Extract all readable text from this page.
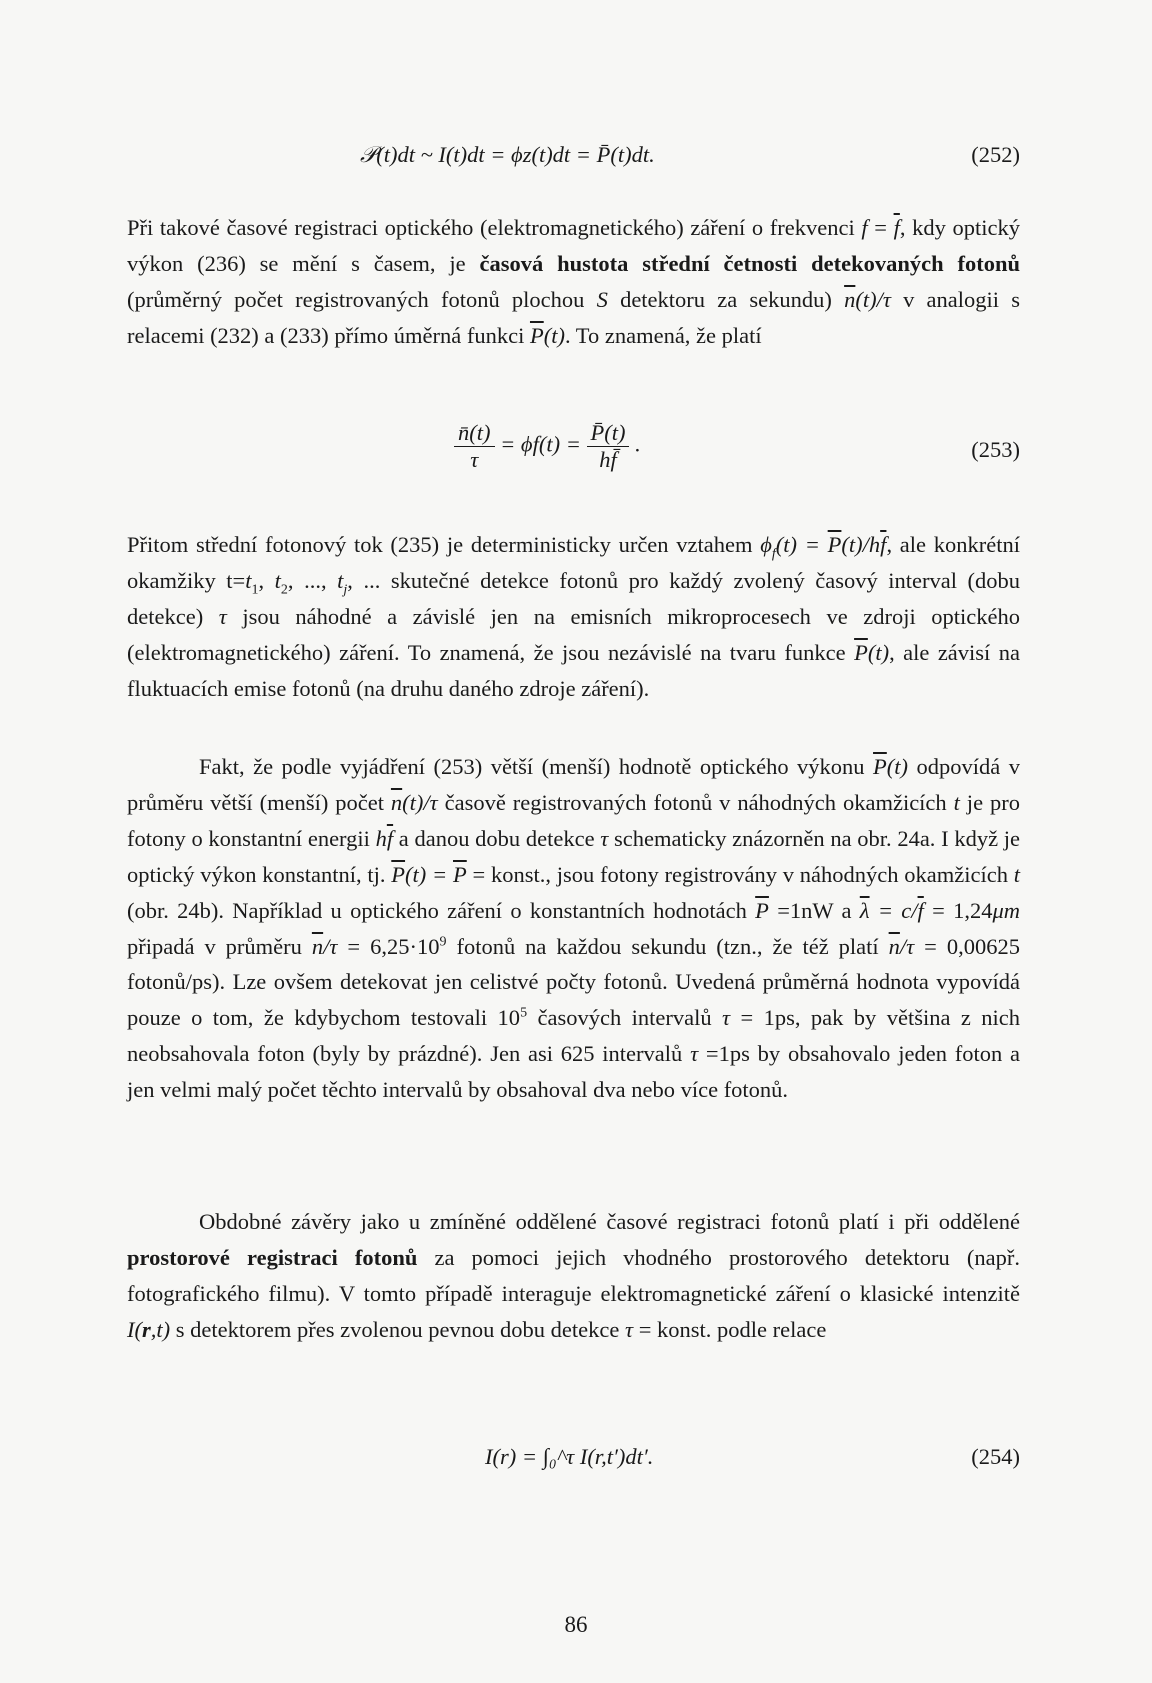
𝒫(t)dt ~ I(t)dt = ϕz(t)dt = P̄(t)dt.	(252)

Při takové časové registraci optického (elektromagnetického) záření o frekvenci $f = \overline{f}$, kdy optický výkon (236) se mění s časem, je časová hustota střední četnosti detekovaných fotonů (průměrný počet registrovaných fotonů plochou S detektoru za sekundu) $\overline{n}(t)/\tau$ v analogii s relacemi (232) a (233) přímo úměrná funkci $\overline{P}(t)$. To znamená, že platí

$\frac{n̄(t)}{\tau} = \phi f(t) = \frac{P̄(t)}{hf̄}$ .	(253)

Přitom střední fotonový tok (235) je deterministicky určen vztahem $\phi_f(t) = \overline{P}(t)/h\overline{f}$, ale konkrétní okamžiky $t=t_1$, $t_2$, ..., $t_j$, ... skutečné detekce fotonů pro každý zvolený časový interval (dobu detekce) τ jsou náhodné a závislé jen na emisních mikroprocesech ve zdroji optického (elektromagnetického) záření. To znamená, že jsou nezávislé na tvaru funkce $\overline{P}(t)$, ale závisí na fluktuacích emise fotonů (na druhu daného zdroje záření).

Fakt, že podle vyjádření (253) větší (menší) hodnotě optického výkonu $\overline{P}(t)$ odpovídá v průměru větší (menší) počet $\overline{n}(t)/\tau$ časově registrovaných fotonů v náhodných okamžicích t je pro fotony o konstantní energii $h\overline{f}$ a danou dobu detekce τ schematicky znázorněn na obr. 24a. I když je optický výkon konstantní, tj. $\overline{P}(t) = \overline{P}$ = konst., jsou fotony registrovány v náhodných okamžicích t (obr. 24b). Například u optického záření o konstantních hodnotách $\overline{P} =1nW$ a $\overline{\lambda} = c/\overline{f} = 1,24\mu m$ připadá v průměru $\overline{n}/\tau = 6,25\cdot 10^9$ fotonů na každou sekundu (tzn., že též platí $\overline{n}/\tau = 0,00625$ fotonů/ps). Lze ovšem detekovat jen celistvé počty fotonů. Uvedená průměrná hodnota vypovídá pouze o tom, že kdybychom testovali $10^5$ časových intervalů τ = 1ps, pak by většina z nich neobsahovala foton (byly by prázdné). Jen asi 625 intervalů τ =1ps by obsahovalo jeden foton a jen velmi malý počet těchto intervalů by obsahoval dva nebo více fotonů.

Obdobné závěry jako u zmíněné oddělené časové registraci fotonů platí i při oddělené prostorové registraci fotonů za pomoci jejich vhodného prostorového detektoru (např. fotografického filmu). V tomto případě interaguje elektromagnetické záření o klasické intenzitě I(r,t) s detektorem přes zvolenou pevnou dobu detekce τ = konst. podle relace

I(r) = ∫₀^τ I(r,t′)dt′.	(254)
86
